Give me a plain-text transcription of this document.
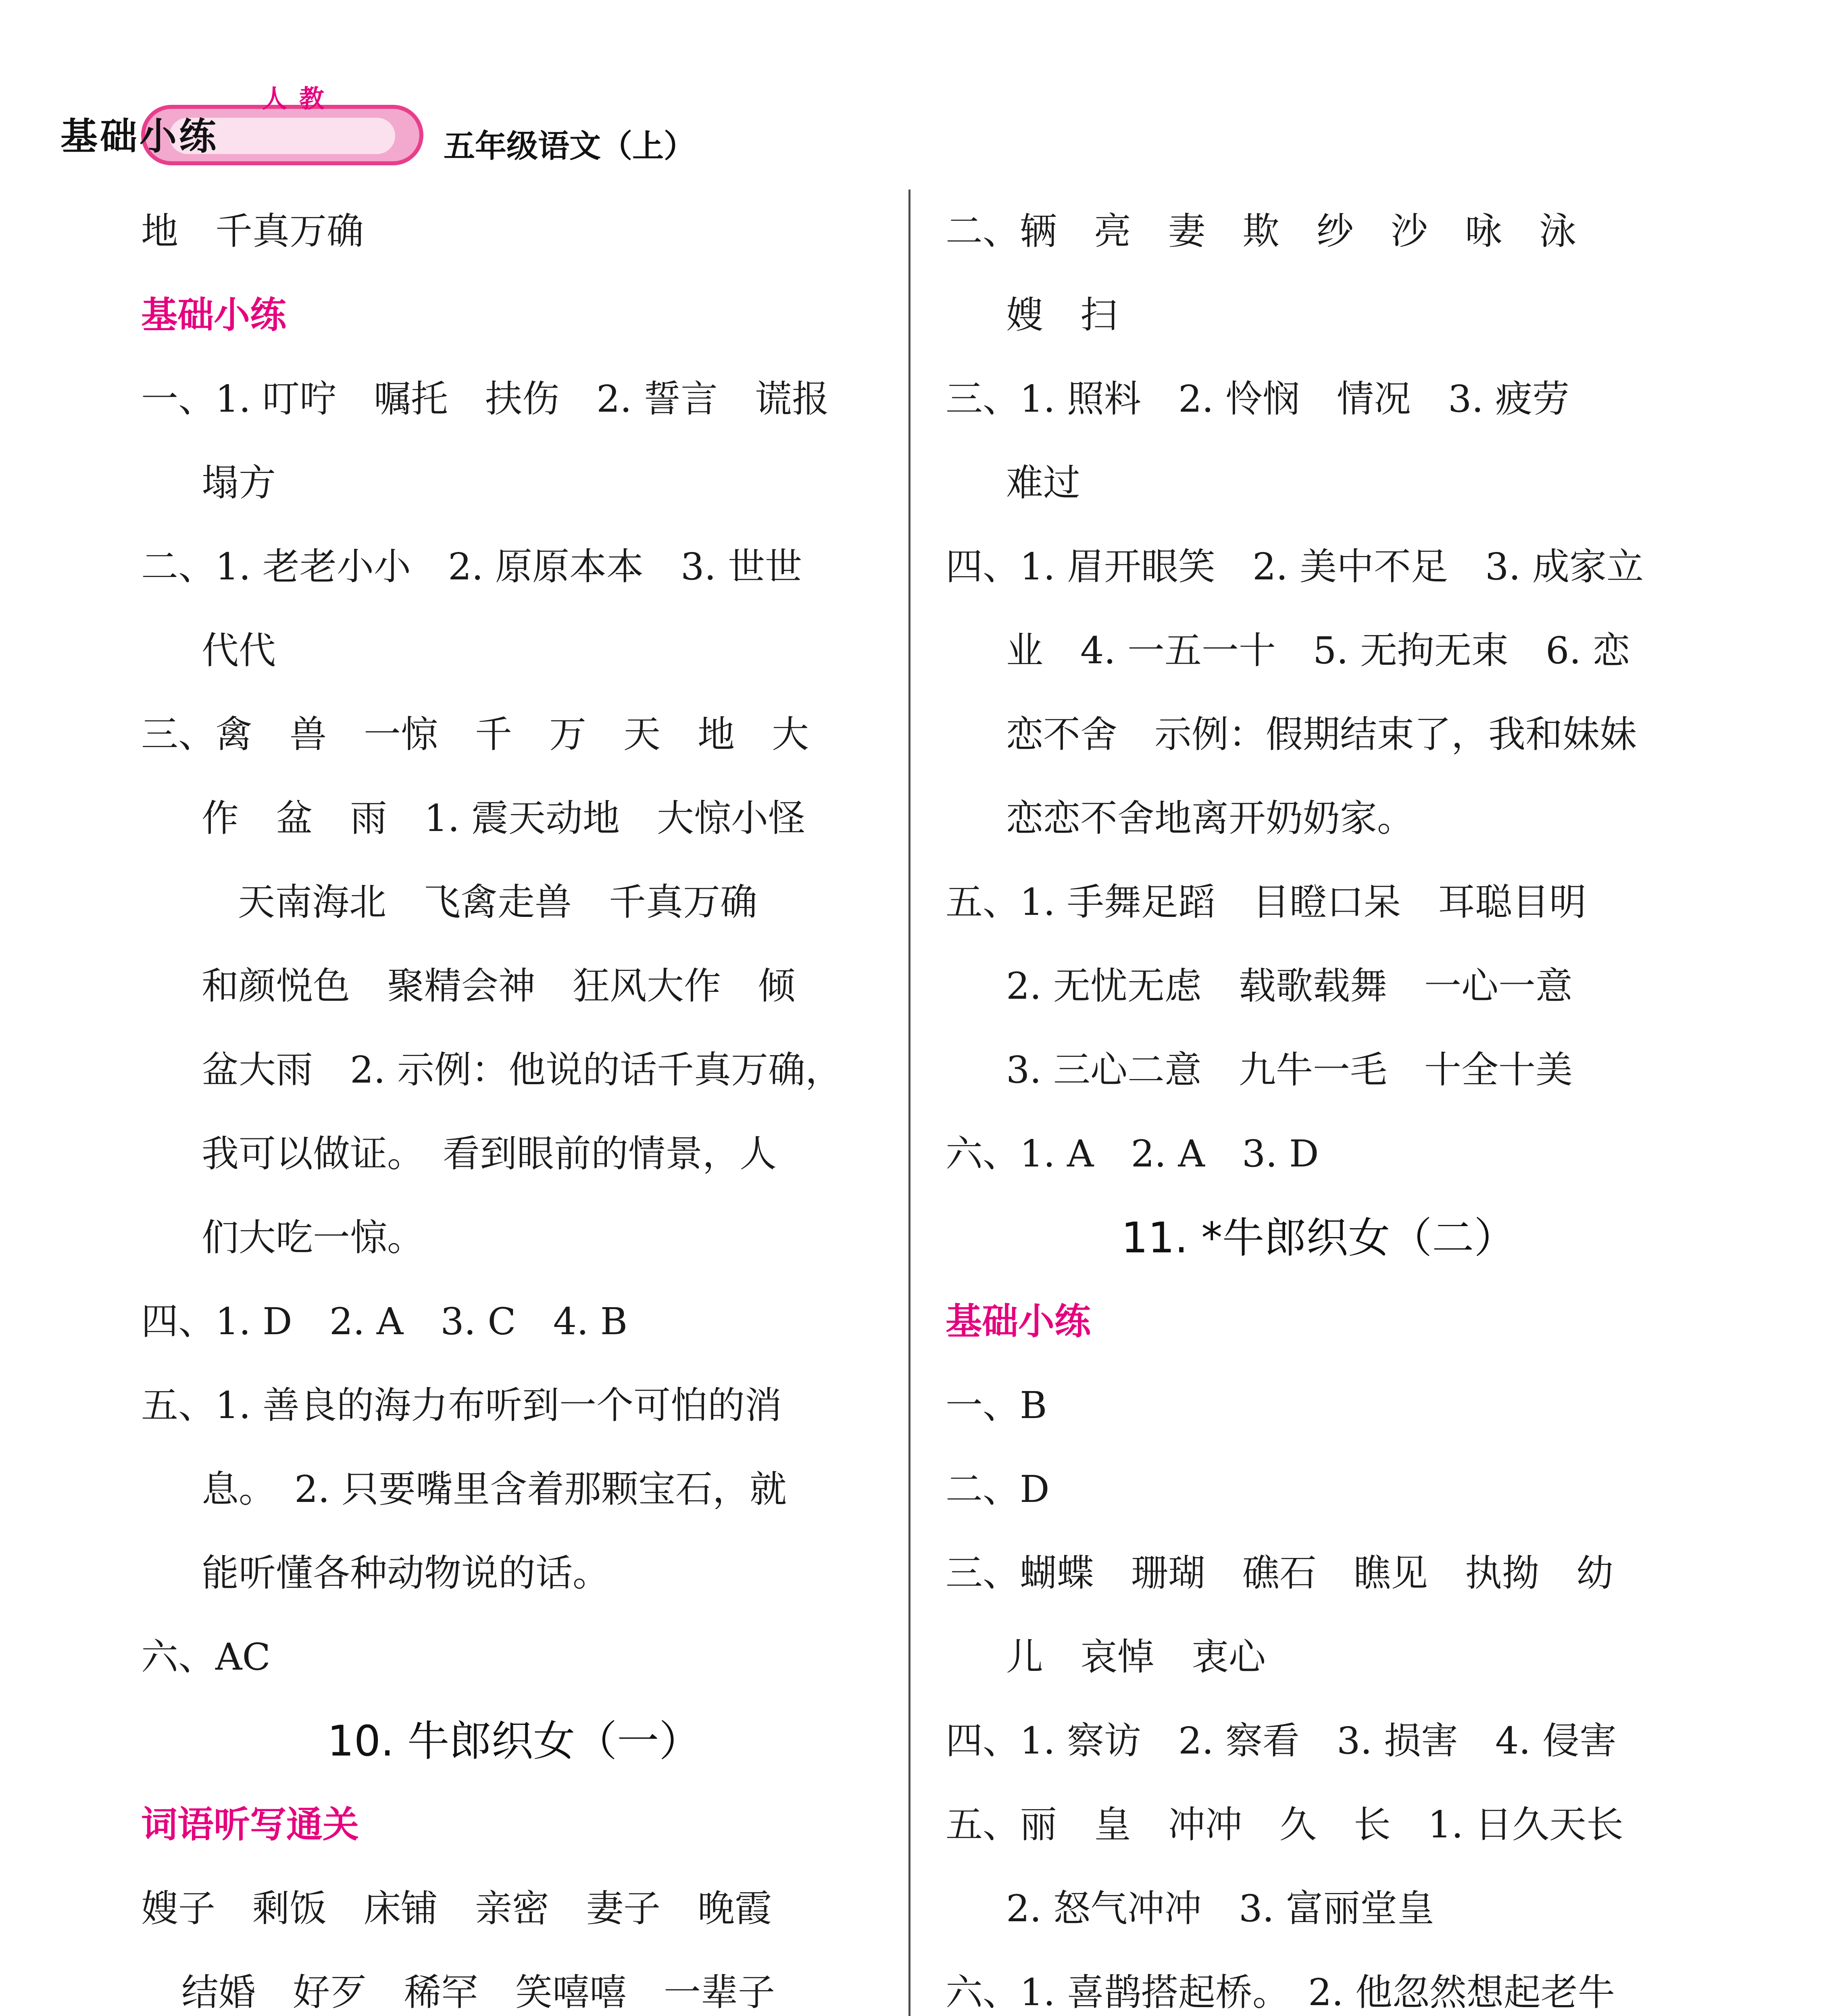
基础小练
人教
五年级语文（上）
地　千真万确
基础小练
一、1. 叮咛　嘱托　扶伤　2. 誓言　谎报
塌方
二、1. 老老小小　2. 原原本本　3. 世世
代代
三、禽　兽　一惊　千　万　天　地　大
作　盆　雨　1. 震天动地　大惊小怪
天南海北　飞禽走兽　千真万确
和颜悦色　聚精会神　狂风大作　倾
盆大雨　2. 示例：他说的话千真万确，
我可以做证。　看到眼前的情景，人
们大吃一惊。
四、1. D　2. A　3. C　4. B
五、1. 善良的海力布听到一个可怕的消
息。　2. 只要嘴里含着那颗宝石，就
能听懂各种动物说的话。
六、AC
10. 牛郎织女（一）
词语听写通关
嫂子　剩饭　床铺　亲密　妻子　晚霞
结婚　好歹　稀罕　笑嘻嘻　一辈子
二、辆　亮　妻　欺　纱　沙　咏　泳
嫂　扫
三、1. 照料　2. 怜悯　情况　3. 疲劳
难过
四、1. 眉开眼笑　2. 美中不足　3. 成家立
业　4. 一五一十　5. 无拘无束　6. 恋
恋不舍　示例：假期结束了，我和妹妹
恋恋不舍地离开奶奶家。
五、1. 手舞足蹈　目瞪口呆　耳聪目明
2. 无忧无虑　载歌载舞　一心一意
3. 三心二意　九牛一毛　十全十美
六、1. A　2. A　3. D
11. *牛郎织女（二）
基础小练
一、B
二、D
三、蝴蝶　珊瑚　礁石　瞧见　执拗　幼
儿　哀悼　衷心
四、1. 察访　2. 察看　3. 损害　4. 侵害
五、丽　皇　冲冲　久　长　1. 日久天长
2. 怒气冲冲　3. 富丽堂皇
六、1. 喜鹊搭起桥。　2. 他忽然想起老牛
